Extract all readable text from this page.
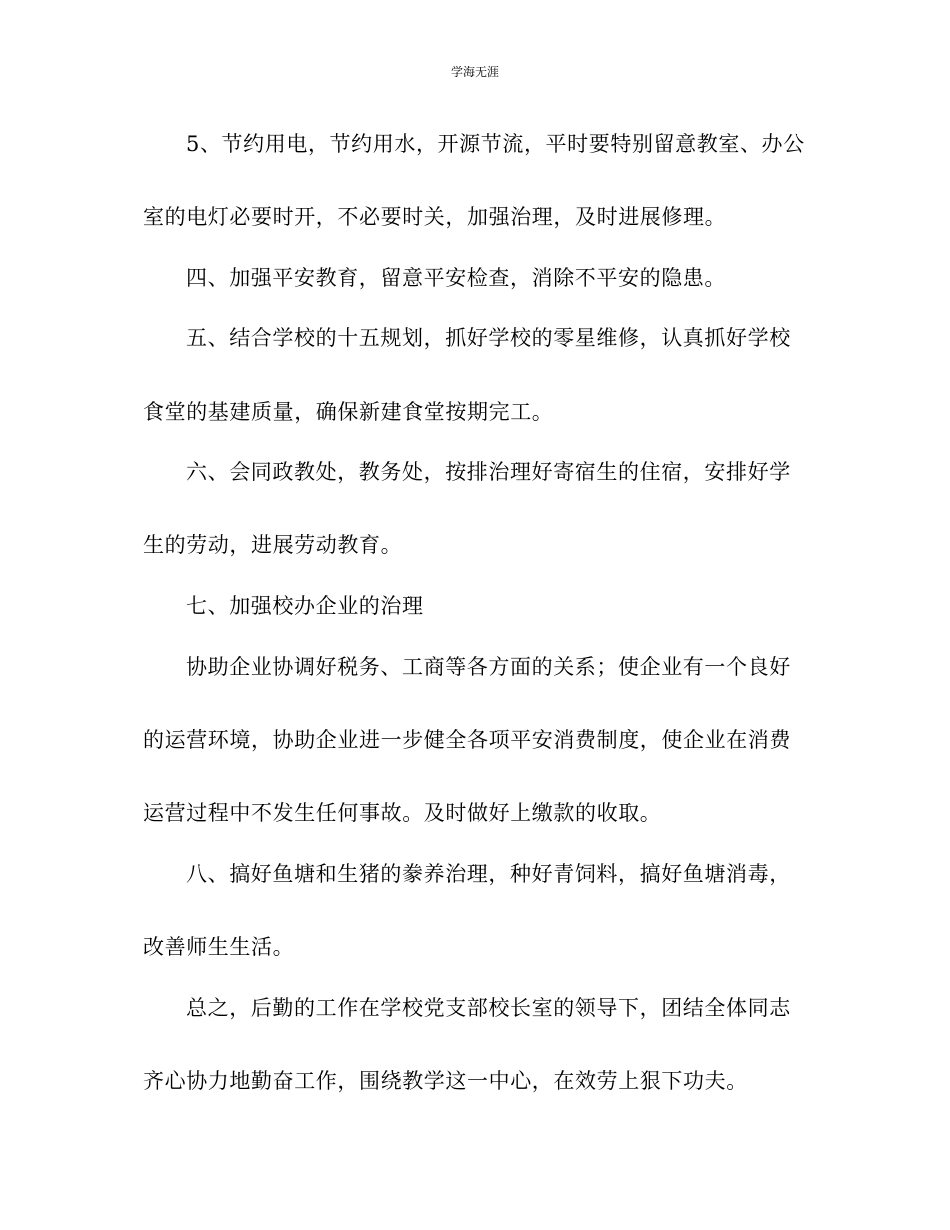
学海无涯
5、节约用电，节约用水，开源节流，平时要特别留意教室、办公
室的电灯必要时开，不必要时关，加强治理，及时进展修理。
四、加强平安教育，留意平安检查，消除不平安的隐患。
五、结合学校的十五规划，抓好学校的零星维修，认真抓好学校
食堂的基建质量，确保新建食堂按期完工。
六、会同政教处，教务处，按排治理好寄宿生的住宿，安排好学
生的劳动，进展劳动教育。
七、加强校办企业的治理
协助企业协调好税务、工商等各方面的关系；使企业有一个良好
的运营环境，协助企业进一步健全各项平安消费制度，使企业在消费
运营过程中不发生任何事故。及时做好上缴款的收取。
八、搞好鱼塘和生猪的豢养治理，种好青饲料，搞好鱼塘消毒，
改善师生生活。
总之，后勤的工作在学校党支部校长室的领导下，团结全体同志
齐心协力地勤奋工作，围绕教学这一中心，在效劳上狠下功夫。
